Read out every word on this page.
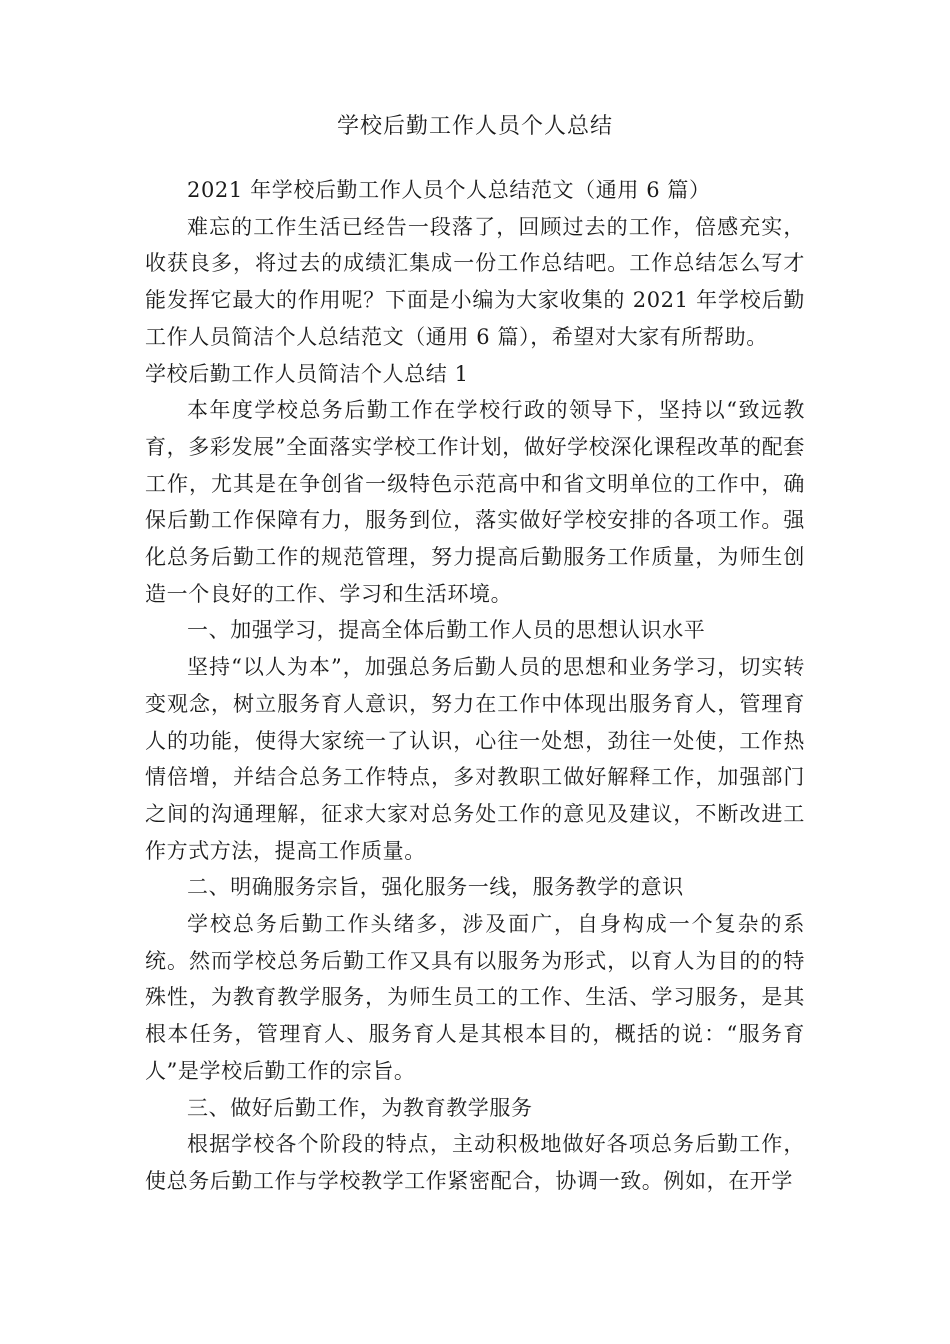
学校后勤工作人员个人总结

2021 年学校后勤工作人员个人总结范文（通用 6 篇）

难忘的工作生活已经告一段落了，回顾过去的工作，倍感充实，收获良多，将过去的成绩汇集成一份工作总结吧。工作总结怎么写才能发挥它最大的作用呢？下面是小编为大家收集的 2021 年学校后勤工作人员简洁个人总结范文（通用 6 篇），希望对大家有所帮助。

学校后勤工作人员简洁个人总结 1

本年度学校总务后勤工作在学校行政的领导下，坚持以“致远教育，多彩发展”全面落实学校工作计划，做好学校深化课程改革的配套工作，尤其是在争创省一级特色示范高中和省文明单位的工作中，确保后勤工作保障有力，服务到位，落实做好学校安排的各项工作。强化总务后勤工作的规范管理，努力提高后勤服务工作质量，为师生创造一个良好的工作、学习和生活环境。

一、加强学习，提高全体后勤工作人员的思想认识水平

坚持“以人为本”，加强总务后勤人员的思想和业务学习，切实转变观念，树立服务育人意识，努力在工作中体现出服务育人，管理育人的功能，使得大家统一了认识，心往一处想，劲往一处使，工作热情倍增，并结合总务工作特点，多对教职工做好解释工作，加强部门之间的沟通理解，征求大家对总务处工作的意见及建议，不断改进工作方式方法，提高工作质量。

二、明确服务宗旨，强化服务一线，服务教学的意识

学校总务后勤工作头绪多，涉及面广，自身构成一个复杂的系统。然而学校总务后勤工作又具有以服务为形式，以育人为目的的特殊性，为教育教学服务，为师生员工的工作、生活、学习服务，是其根本任务，管理育人、服务育人是其根本目的，概括的说：“服务育人”是学校后勤工作的宗旨。

三、做好后勤工作，为教育教学服务

根据学校各个阶段的特点，主动积极地做好各项总务后勤工作，使总务后勤工作与学校教学工作紧密配合，协调一致。例如，在开学
